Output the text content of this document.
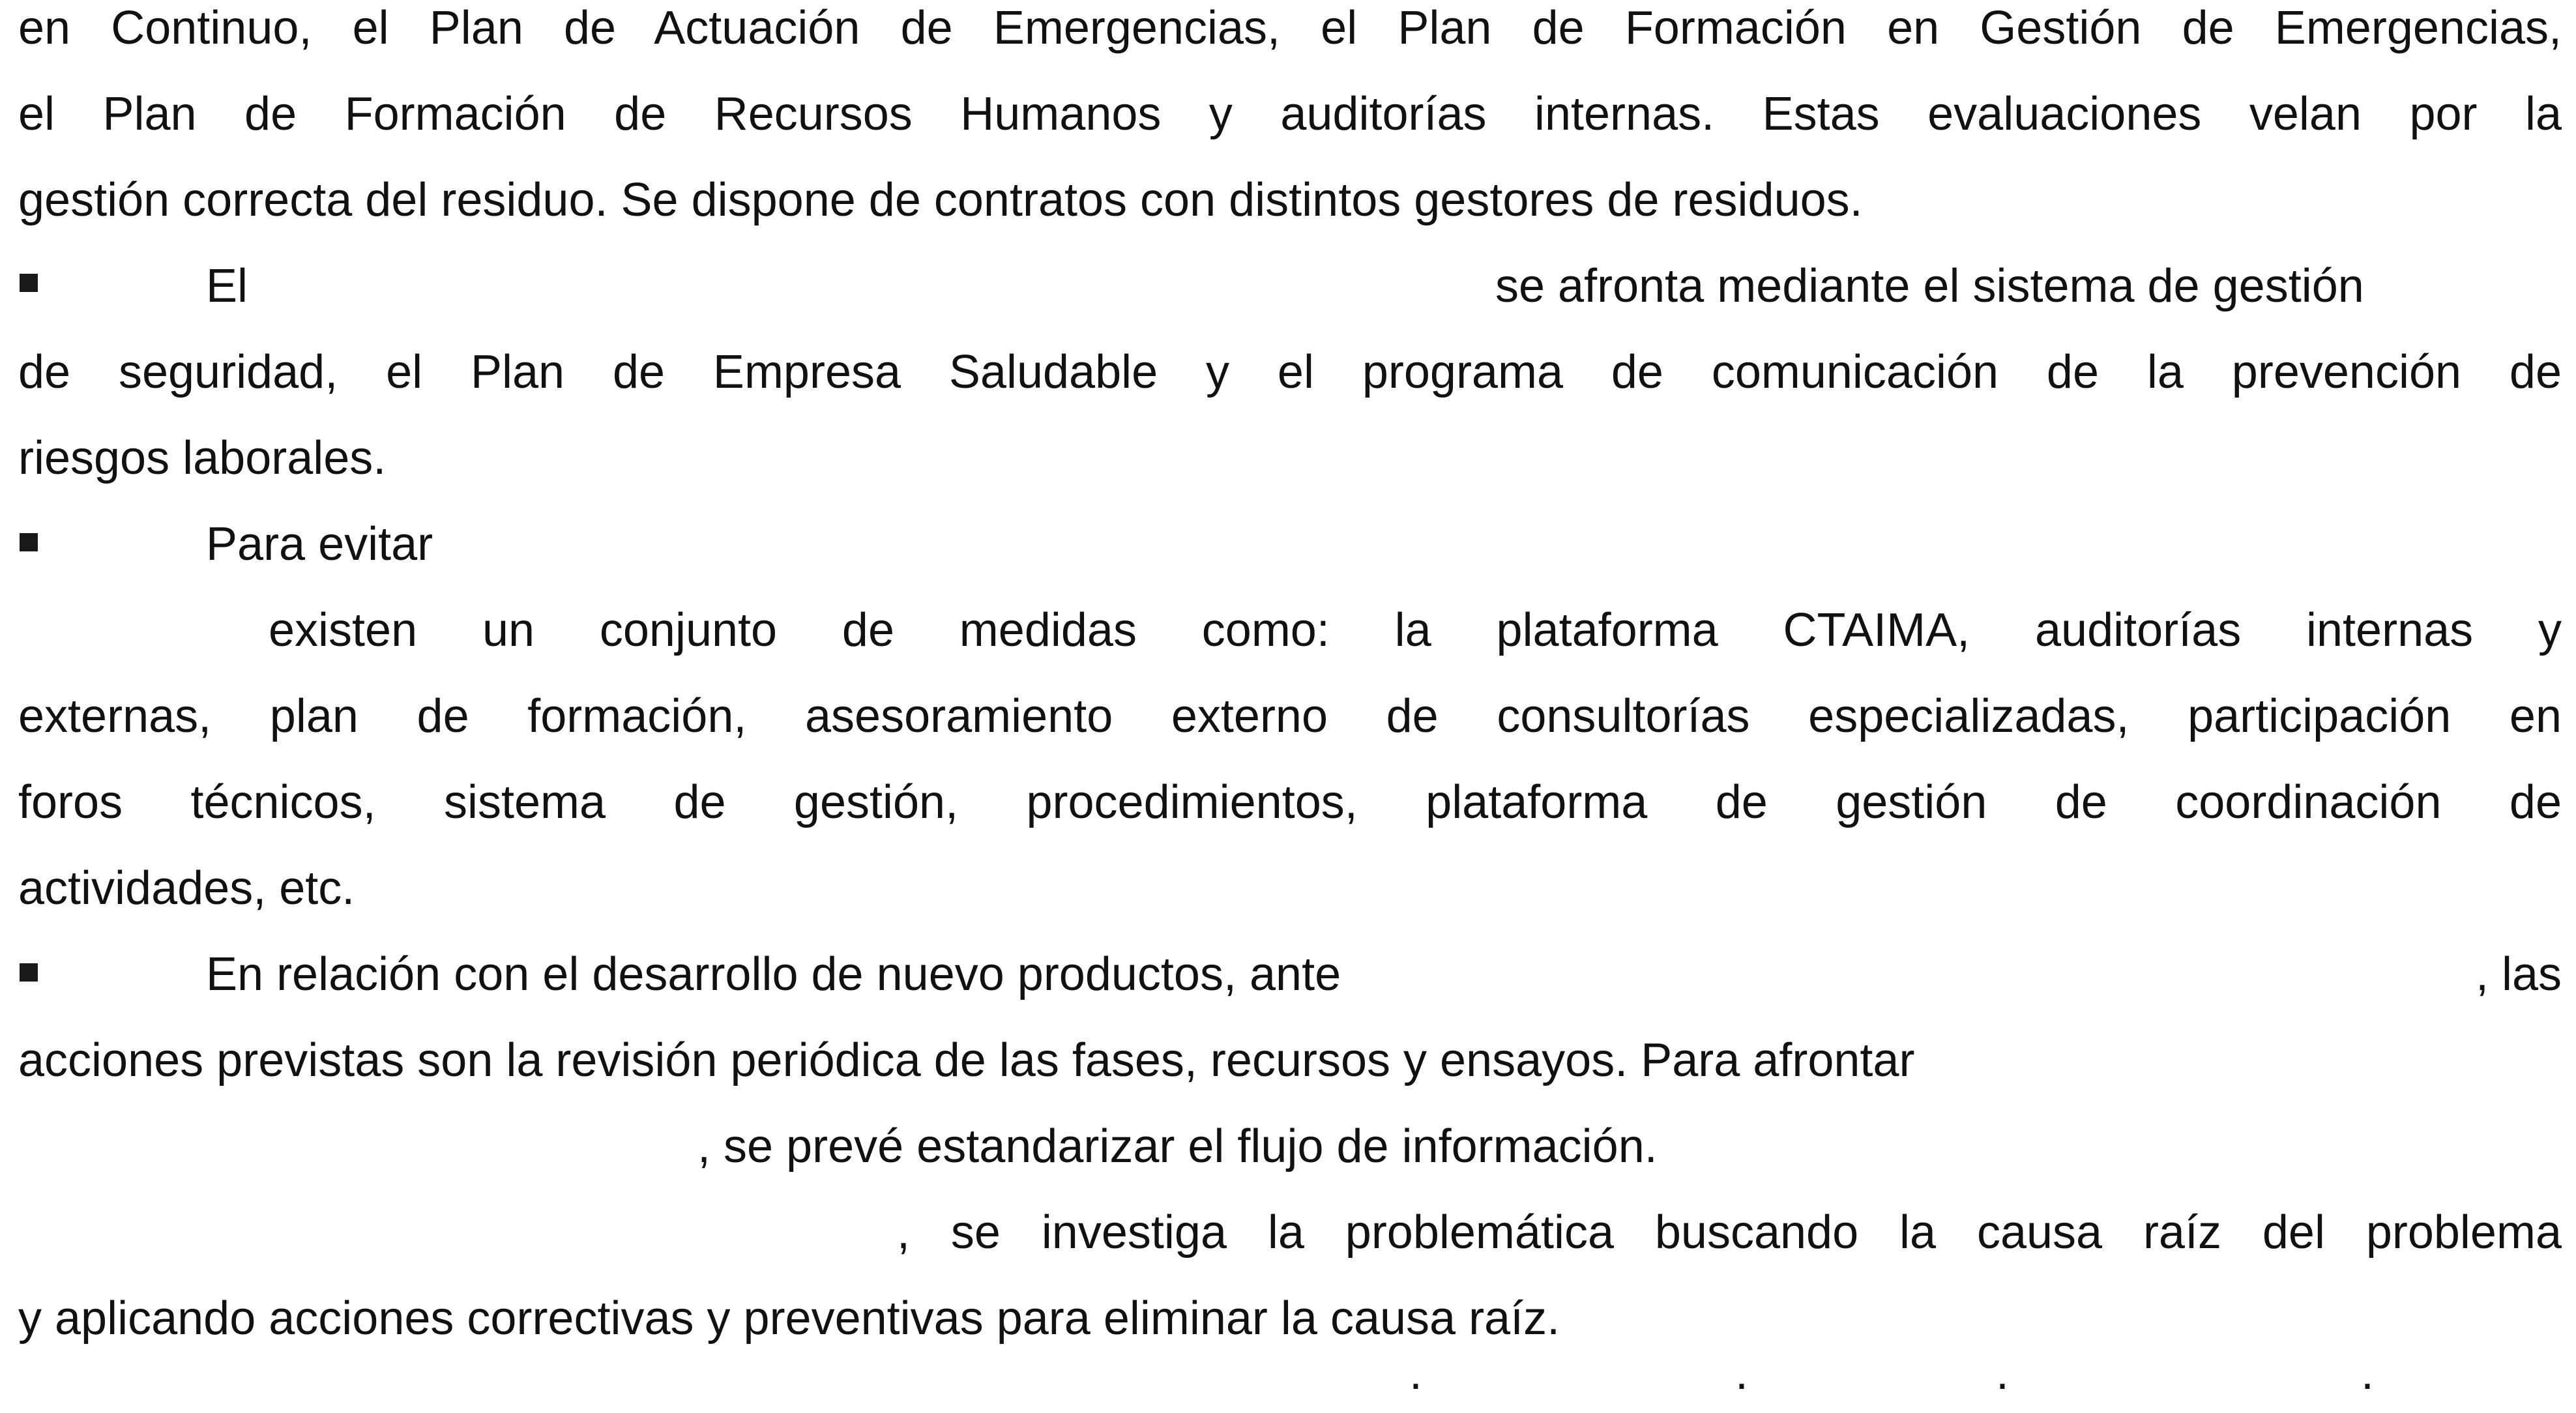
en Continuo, el Plan de Actuación de Emergencias, el Plan de Formación en Gestión de Emergencias,
el Plan de Formación de Recursos Humanos y auditorías internas. Estas evaluaciones velan por la
gestión correcta del residuo. Se dispone de contratos con distintos gestores de residuos.
El	se afronta mediante el sistema de gestión
de seguridad, el Plan de Empresa Saludable y el programa de comunicación de la prevención de
riesgos laborales.
Para evitar
existen un conjunto de medidas como: la plataforma CTAIMA, auditorías internas y
externas, plan de formación, asesoramiento externo de consultorías especializadas, participación en
foros técnicos, sistema de gestión, procedimientos, plataforma de gestión de coordinación de
actividades, etc.
En relación con el desarrollo de nuevo productos, ante	, las
acciones previstas son la revisión periódica de las fases, recursos y ensayos. Para afrontar
, se prevé estandarizar el flujo de información.
, se investiga la problemática buscando la causa raíz del problema
y aplicando acciones correctivas y preventivas para eliminar la causa raíz.
·	·	·	·
